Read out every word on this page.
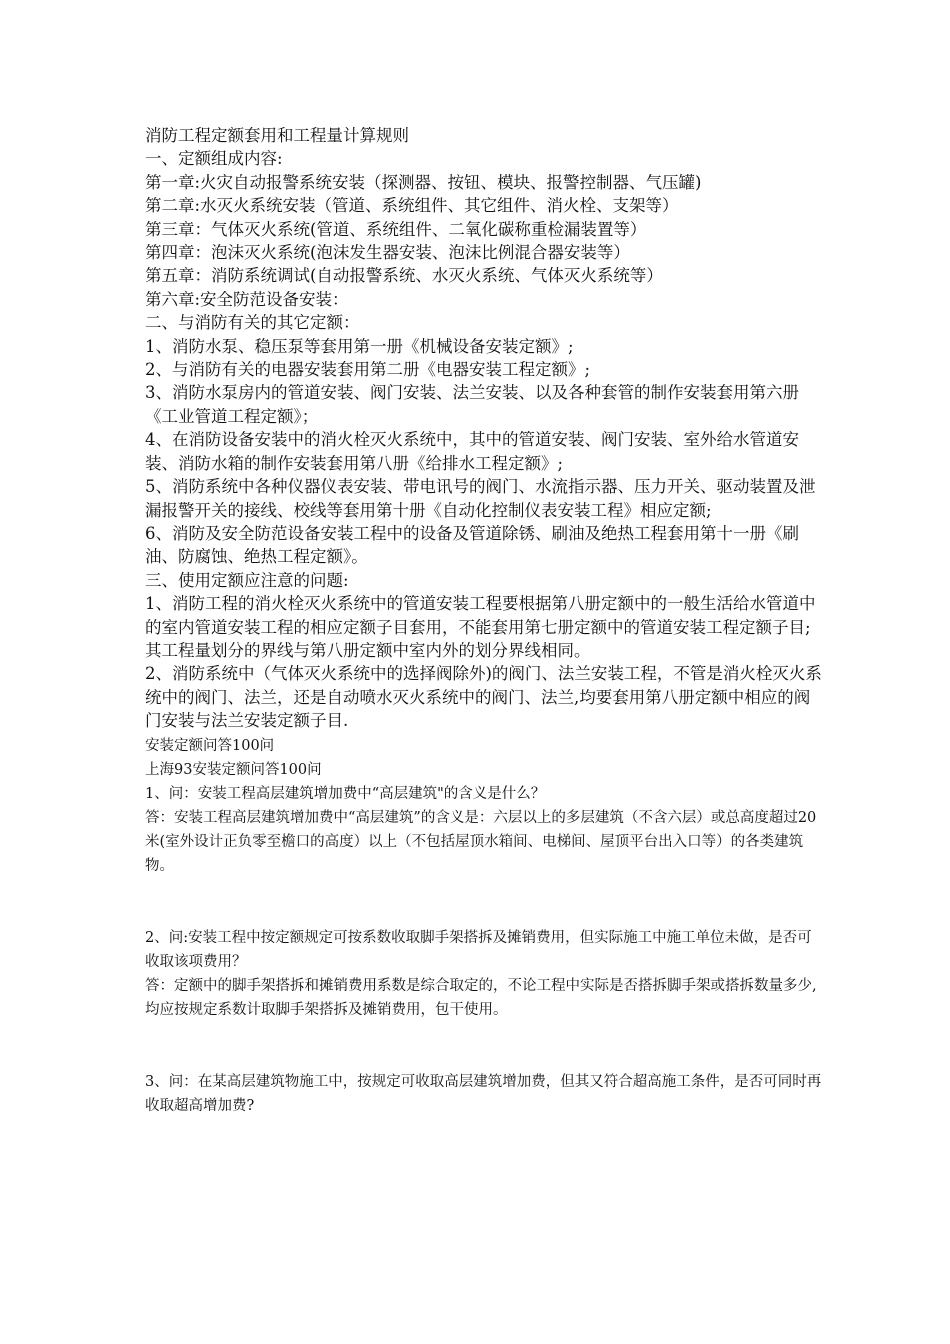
消防工程定额套用和工程量计算规则

一、定额组成内容:

第一章:火灾自动报警系统安装（探测器、按钮、模块、报警控制器、气压罐)

第二章:水灭火系统安装（管道、系统组件、其它组件、消火栓、支架等）

第三章：气体灭火系统(管道、系统组件、二氧化碳称重检漏装置等）

第四章：泡沫灭火系统(泡沫发生器安装、泡沫比例混合器安装等）

第五章：消防系统调试(自动报警系统、水灭火系统、气体灭火系统等）

第六章:安全防范设备安装：

二、与消防有关的其它定额：

1、消防水泵、稳压泵等套用第一册《机械设备安装定额》;

2、与消防有关的电器安装套用第二册《电器安装工程定额》;

3、消防水泵房内的管道安装、阀门安装、法兰安装、以及各种套管的制作安装套用第六册《工业管道工程定额》；

4、在消防设备安装中的消火栓灭火系统中，其中的管道安装、阀门安装、室外给水管道安装、消防水箱的制作安装套用第八册《给排水工程定额》;

5、消防系统中各种仪器仪表安装、带电讯号的阀门、水流指示器、压力开关、驱动装置及泄漏报警开关的接线、校线等套用第十册《自动化控制仪表安装工程》相应定额;

6、消防及安全防范设备安装工程中的设备及管道除锈、刷油及绝热工程套用第十一册《刷油、防腐蚀、绝热工程定额》。

三、使用定额应注意的问题:

1、消防工程的消火栓灭火系统中的管道安装工程要根据第八册定额中的一般生活给水管道中的室内管道安装工程的相应定额子目套用，不能套用第七册定额中的管道安装工程定额子目;其工程量划分的界线与第八册定额中室内外的划分界线相同。

2、消防系统中（气体灭火系统中的选择阀除外)的阀门、法兰安装工程，不管是消火栓灭火系统中的阀门、法兰，还是自动喷水灭火系统中的阀门、法兰,均要套用第八册定额中相应的阀门安装与法兰安装定额子目.

安装定额问答100问

上海93安装定额问答100问

1、问：安装工程高层建筑增加费中“高层建筑"的含义是什么？

答：安装工程高层建筑增加费中“高层建筑”的含义是：六层以上的多层建筑（不含六层）或总高度超过20米(室外设计正负零至檐口的高度）以上（不包括屋顶水箱间、电梯间、屋顶平台出入口等）的各类建筑物。

2、问:安装工程中按定额规定可按系数收取脚手架搭拆及摊销费用，但实际施工中施工单位未做，是否可收取该项费用？

答：定额中的脚手架搭拆和摊销费用系数是综合取定的，不论工程中实际是否搭拆脚手架或搭拆数量多少,均应按规定系数计取脚手架搭拆及摊销费用，包干使用。

3、问：在某高层建筑物施工中，按规定可收取高层建筑增加费，但其又符合超高施工条件，是否可同时再收取超高增加费?
